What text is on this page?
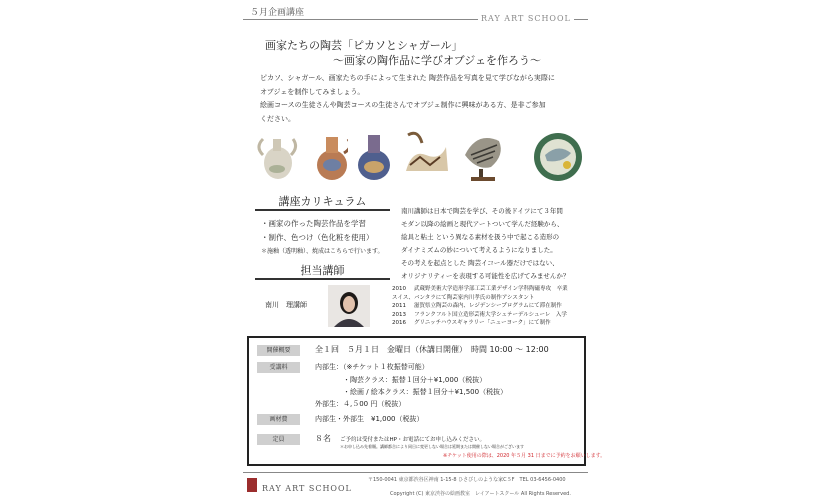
５月企画講座
RAY ART SCHOOL
画家たちの陶芸「ピカソとシャガール」
〜画家の陶作品に学びオブジェを作ろう〜
ピカソ、シャガール、画家たちの手によって生まれた 陶芸作品を写真を見て学びながら実際に
オブジェを制作してみましょう。
絵画コースの生徒さんや陶芸コースの生徒さんでオブジェ制作に興味がある方、是非ご参加
ください。
講座カリキュラム
・画家の作った陶芸作品を学習
・制作、色つけ（色化粧を使用）
＊施釉（透明釉）、焼成はこちらで行います。
南川講師は日本で陶芸を学び、その後ドイツにて３年間
モダン以降の絵画と現代アートついて学んだ経験から、
絵具と粘土 という異なる素材を扱う中で起こる造形の
ダイナミズムの妙について考えるようになりました。
その考えを起点とした 陶芸イコール器だけではない、
オリジナリティーを表現する可能性を広げてみませんか？
担当講師
南川　理講師
2010 武蔵野美術大学造形学部工芸工業デザイン学科陶磁専攻　卒業
スイス、バンタラにて陶芸家内川孝氏の制作アシスタント
2011 滋賀県立陶芸の森内、レジデンシープログラムにて滞在制作
2013 フランクフルト国立造形芸術大学シュテーデルシューレ　入学
2016 グリニッチハウスギャラリー「ニューヨーク」にて制作
開催概要	全１回　５月１日　金曜日（休講日開催）　時間 10:00 〜 12:00
受講料	内部生：（※チケット１枚振替可能）
・陶芸クラス：振替１回分＋¥1,000（税抜）
・絵画 / 絵本クラス：振替１回分＋¥1,500（税抜）
外部生：４,５00 円（税抜）
画材費	内部生・外部生　¥1,000（税抜）
定員	８名 ご予約は受付またはHP・お電話にてお申し込みください。
＊お申し込み先着順。講師都合により同日に変更しない場合は延期または開催しない場合がございます
※チケット使用の際は、2020 年５月 31 日までに予約をお願いします。
RAY ART SCHOOL
〒150-0041 東京都渋谷区神南 1-15-8 ひさびしのような家C５F　TEL 03-6456-0400
Copyright (C) 東京渋谷の絵画教室　レイアートスクール All Rights Reserved.
